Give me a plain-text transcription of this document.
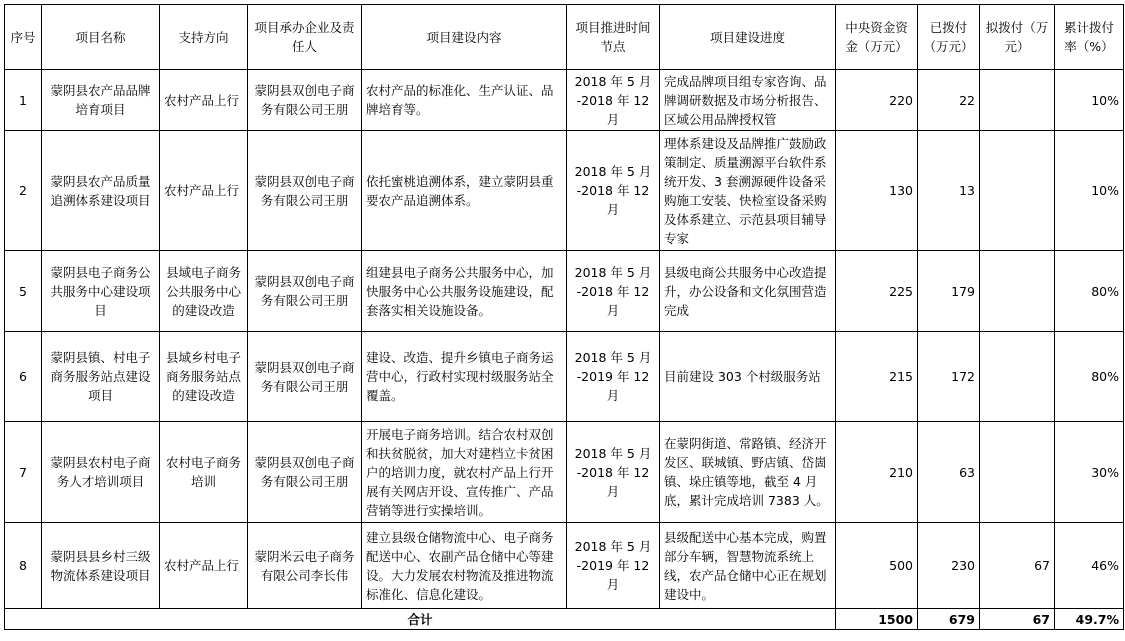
序号	项目名称	支持方向	项目承办企业及责任人	项目建设内容	项目推进时间节点	项目建设进度	中央资金资金（万元）	已拨付（万元）	拟拨付（万元）	累计拨付率（%）
1	蒙阴县农产品品牌培育项目	农村产品上行	蒙阴县双创电子商务有限公司王朋	农村产品的标准化、生产认证、品牌培育等。	2018 年 5 月 -2018 年 12 月	完成品牌项目组专家咨询、品牌调研数据及市场分析报告、区域公用品牌授权管	220	22		10%
2	蒙阴县农产品质量追溯体系建设项目	农村产品上行	蒙阴县双创电子商务有限公司王朋	依托蜜桃追溯体系，建立蒙阴县重要农产品追溯体系。	2018 年 5 月 -2018 年 12 月	理体系建设及品牌推广鼓励政策制定、质量溯源平台软件系统开发、3 套溯源硬件设备采购施工安装、快检室设备采购及体系建立、示范县项目辅导专家	130	13		10%
5	蒙阴县电子商务公共服务中心建设项目	县域电子商务公共服务中心的建设改造	蒙阴县双创电子商务有限公司王朋	组建县电子商务公共服务中心，加快服务中心公共服务设施建设，配套落实相关设施设备。	2018 年 5 月 -2018 年 12 月	县级电商公共服务中心改造提升，办公设备和文化氛围营造完成	225	179		80%
6	蒙阴县镇、村电子商务服务站点建设项目	县域乡村电子商务服务站点的建设改造	蒙阴县双创电子商务有限公司王朋	建设、改造、提升乡镇电子商务运营中心，行政村实现村级服务站全覆盖。	2018 年 5 月 -2019 年 12 月	目前建设 303 个村级服务站	215	172		80%
7	蒙阴县农村电子商务人才培训项目	农村电子商务培训	蒙阴县双创电子商务有限公司王朋	开展电子商务培训。结合农村双创和扶贫脱贫，加大对建档立卡贫困户的培训力度，就农村产品上行开展有关网店开设、宣传推广、产品营销等进行实操培训。	2018 年 5 月 -2018 年 12 月	在蒙阴街道、常路镇、经济开发区、联城镇、野店镇、岱崮镇、垛庄镇等地，截至 4 月底，累计完成培训 7383 人。	210	63		30%
8	蒙阴县县乡村三级物流体系建设项目	农村产品上行	蒙阴米云电子商务有限公司李长伟	建立县级仓储物流中心、电子商务配送中心、农副产品仓储中心等建设。大力发展农村物流及推进物流标准化、信息化建设。	2018 年 5 月 -2019 年 12 月	县级配送中心基本完成，购置部分车辆，智慧物流系统上线，农产品仓储中心正在规划建设中。	500	230	67	46%
合计							1500	679	67	49.7%
